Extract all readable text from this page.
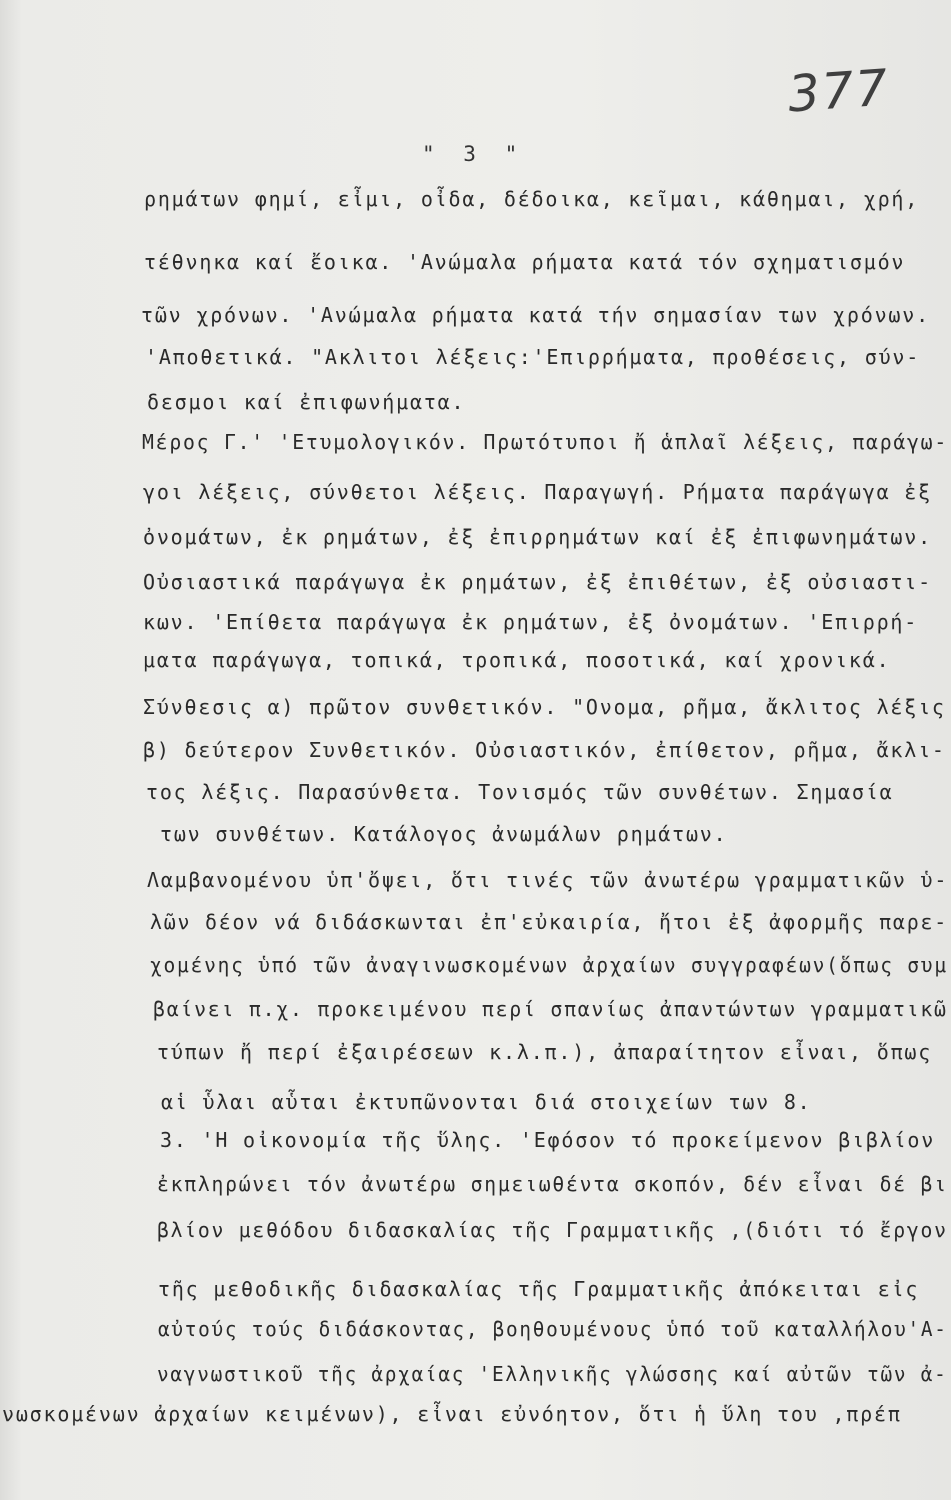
377
" 3 "
ρημάτων φημί, εἶμι, οἶδα, δέδοικα, κεῖμαι, κάθημαι, χρή,
τέθνηκα καί ἔοικα. 'Ανώμαλα ρήματα κατά τόν σχηματισμόν
τῶν χρόνων. 'Ανώμαλα ρήματα κατά τήν σημασίαν των χρόνων.
'Αποθετικά. "Ακλιτοι λέξεις:'Επιρρήματα, προθέσεις, σύν-
δεσμοι καί ἐπιφωνήματα.
Μέρος Γ.' 'Ετυμολογικόν. Πρωτότυποι ἤ ἁπλαῖ λέξεις, παράγω-
γοι λέξεις, σύνθετοι λέξεις. Παραγωγή. Ρήματα παράγωγα ἐξ
ὀνομάτων, ἐκ ρημάτων, ἐξ ἐπιρρημάτων καί ἐξ ἐπιφωνημάτων.
Οὐσιαστικά παράγωγα ἐκ ρημάτων, ἐξ ἐπιθέτων, ἐξ οὐσιαστι-
κων. 'Επίθετα παράγωγα ἐκ ρημάτων, ἐξ ὀνομάτων. 'Επιρρή-
ματα παράγωγα, τοπικά, τροπικά, ποσοτικά, καί χρονικά.
Σύνθεσις α) πρῶτον συνθετικόν. "Ονομα, ρῆμα, ἄκλιτος λέξις
β) δεύτερον Συνθετικόν. Οὐσιαστικόν, ἐπίθετον, ρῆμα, ἄκλι-
τος λέξις. Παρασύνθετα. Τονισμός τῶν συνθέτων. Σημασία
των συνθέτων. Κατάλογος ἀνωμάλων ρημάτων.
Λαμβανομένου ὑπ'ὄψει, ὅτι τινές τῶν ἀνωτέρω γραμματικῶν ὑ-
λῶν δέον νά διδάσκωνται ἐπ'εὐκαιρία, ἤτοι ἐξ ἀφορμῆς παρε-
χομένης ὑπό τῶν ἀναγινωσκομένων ἀρχαίων συγγραφέων(ὅπως συμ
βαίνει π.χ. προκειμένου περί σπανίως ἀπαντώντων γραμματικῶ
τύπων ἤ περί ἐξαιρέσεων κ.λ.π.), ἀπαραίτητον εἶναι, ὅπως
αἱ ὗλαι αὗται ἐκτυπῶνονται διά στοιχείων των 8.
3. 'Η οἰκονομία τῆς ὕλης. 'Εφόσον τό προκείμενον βιβλίον
ἐκπληρώνει τόν ἀνωτέρω σημειωθέντα σκοπόν, δέν εἶναι δέ βι
βλίον μεθόδου διδασκαλίας τῆς Γραμματικῆς ,(διότι τό ἔργον
τῆς μεθοδικῆς διδασκαλίας τῆς Γραμματικῆς ἀπόκειται εἰς
αὐτούς τούς διδάσκοντας, βοηθουμένους ὑπό τοῦ καταλλήλου'Α-
ναγνωστικοῦ τῆς ἀρχαίας 'Ελληνικῆς γλώσσης καί αὐτῶν τῶν ἀ-
νωσκομένων ἀρχαίων κειμένων), εἶναι εὐνόητον, ὅτι ἡ ὕλη του ,πρέπ
